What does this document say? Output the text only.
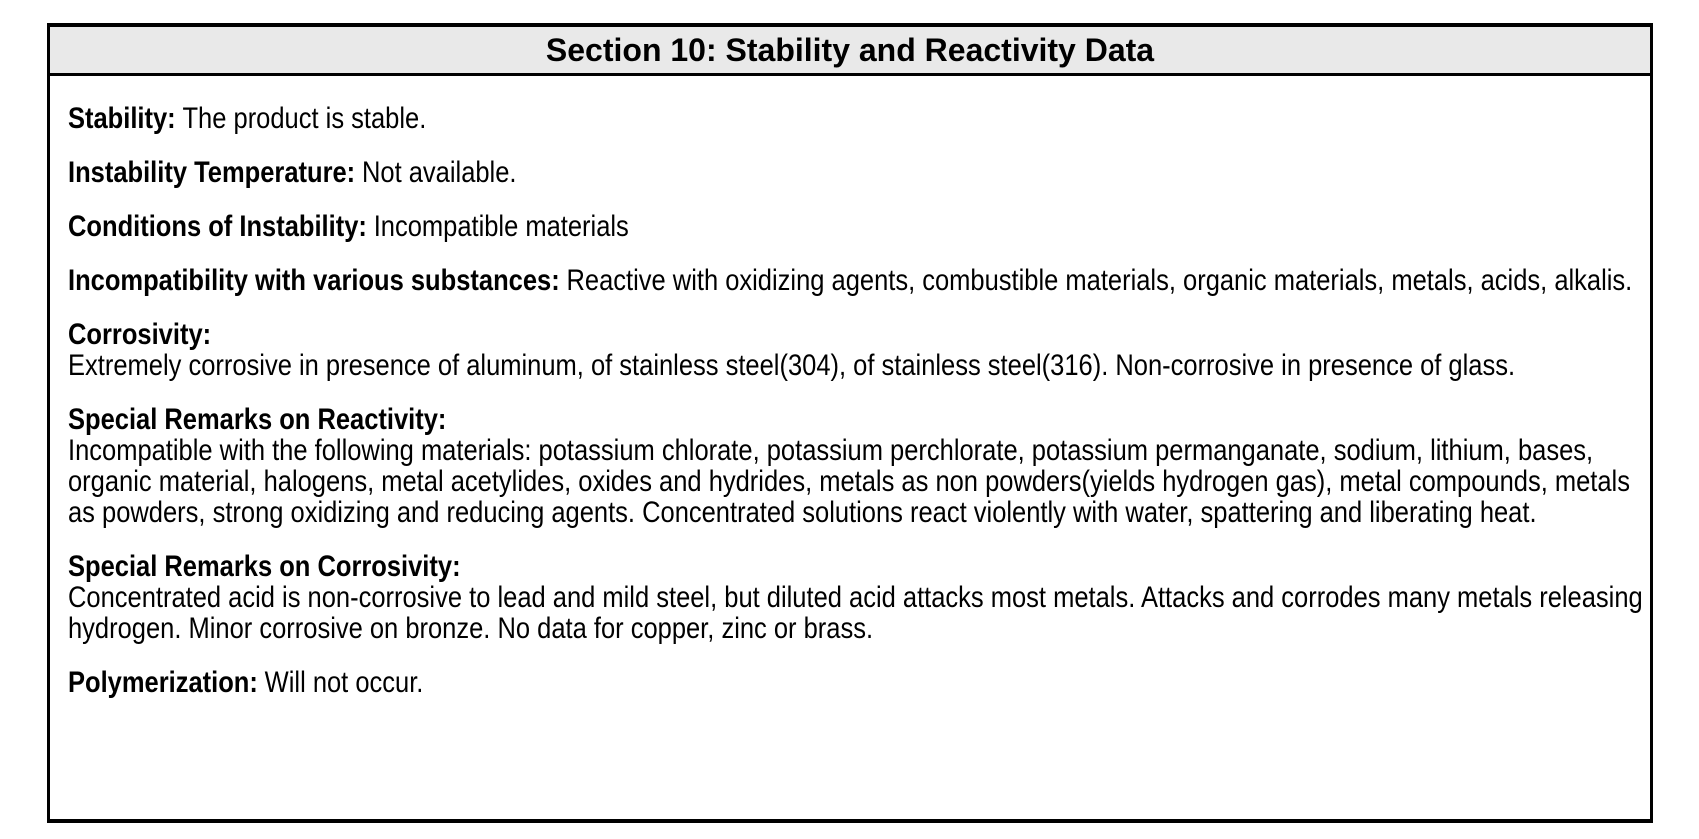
Section 10: Stability and Reactivity Data

Stability: The product is stable.

Instability Temperature: Not available.

Conditions of Instability: Incompatible materials

Incompatibility with various substances: Reactive with oxidizing agents, combustible materials, organic materials, metals, acids, alkalis.

Corrosivity:
Extremely corrosive in presence of aluminum, of stainless steel(304), of stainless steel(316). Non-corrosive in presence of glass.

Special Remarks on Reactivity:
Incompatible with the following materials: potassium chlorate, potassium perchlorate, potassium permanganate, sodium, lithium, bases, organic material, halogens, metal acetylides, oxides and hydrides, metals as non powders(yields hydrogen gas), metal compounds, metals as powders, strong oxidizing and reducing agents. Concentrated solutions react violently with water, spattering and liberating heat.

Special Remarks on Corrosivity:
Concentrated acid is non-corrosive to lead and mild steel, but diluted acid attacks most metals. Attacks and corrodes many metals releasing hydrogen. Minor corrosive on bronze. No data for copper, zinc or brass.

Polymerization: Will not occur.
